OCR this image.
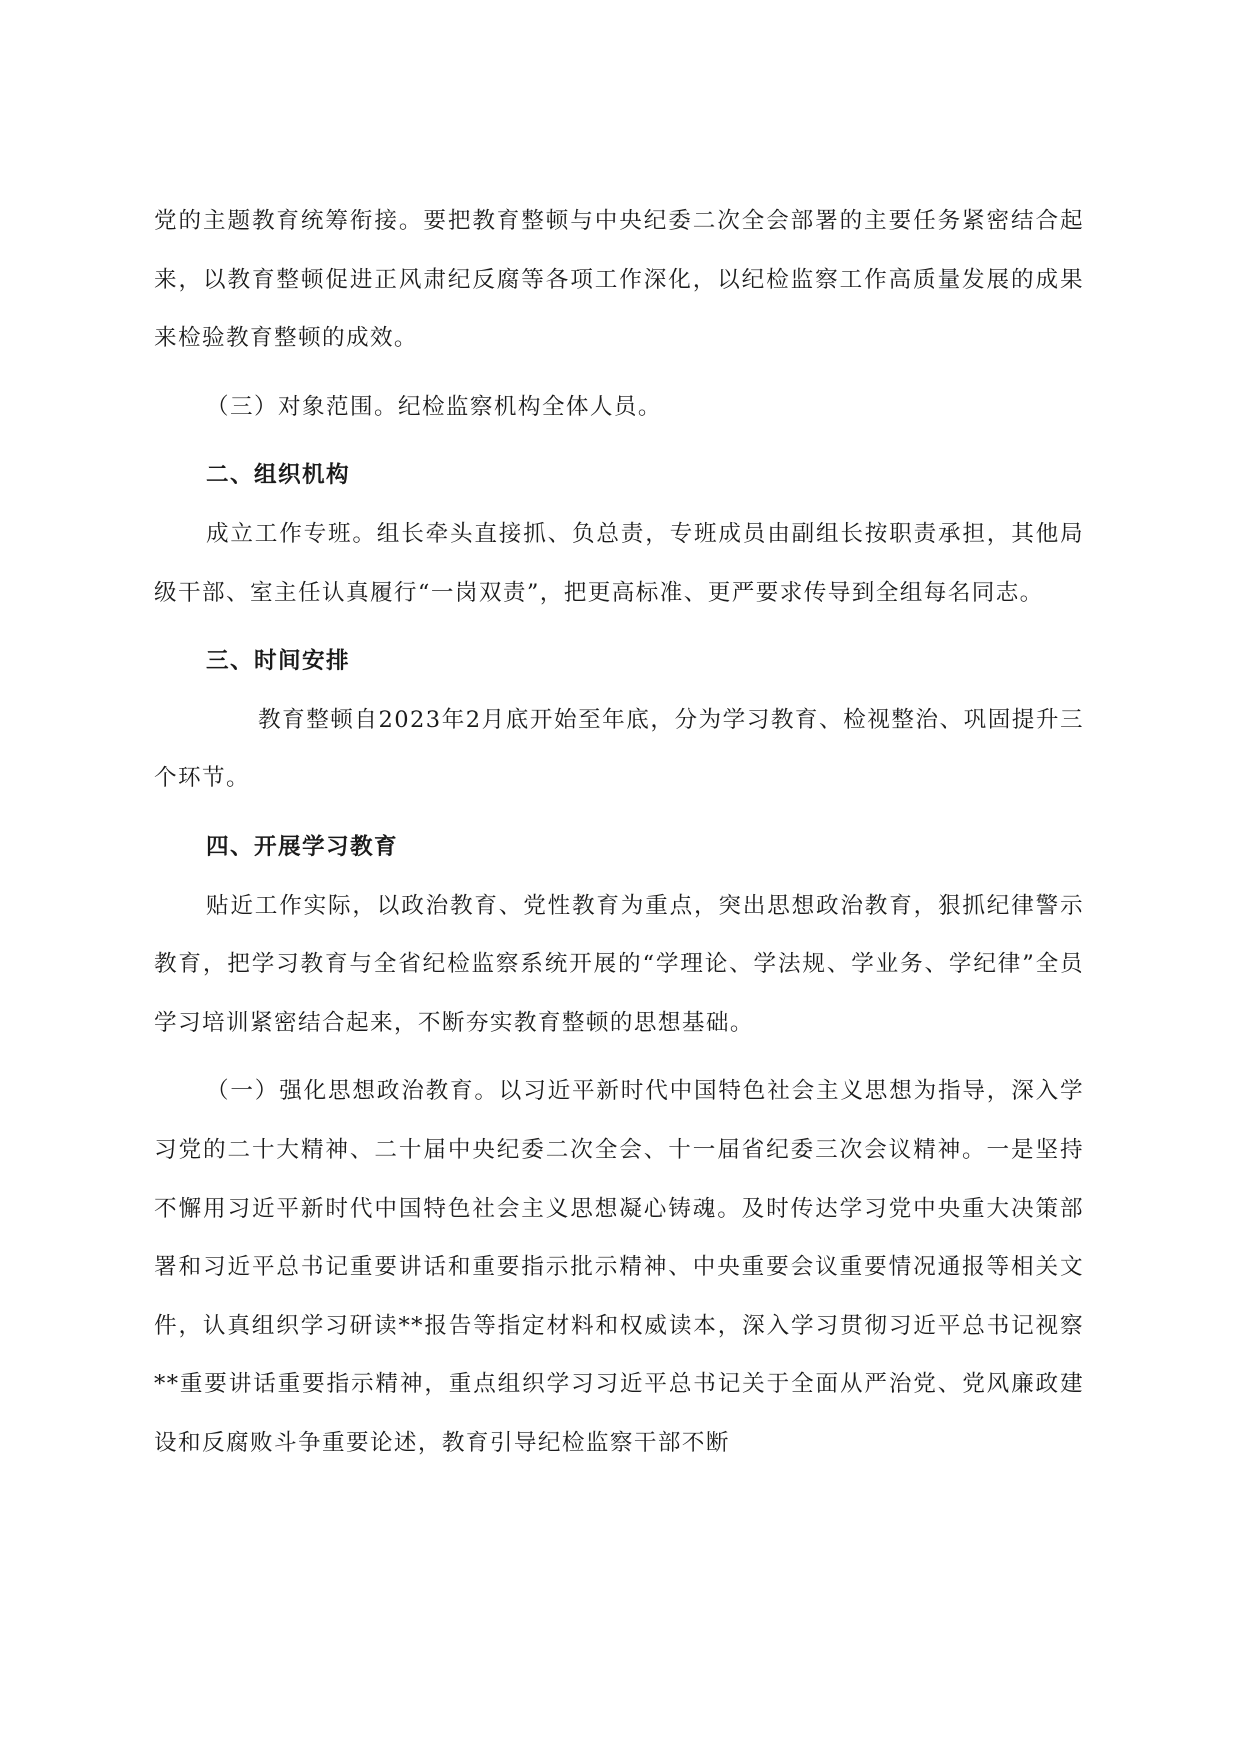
党的主题教育统筹衔接。要把教育整顿与中央纪委二次全会部署的主要任务紧密结合起来，以教育整顿促进正风肃纪反腐等各项工作深化，以纪检监察工作高质量发展的成果来检验教育整顿的成效。

（三）对象范围。纪检监察机构全体人员。

二、组织机构

成立工作专班。组长牵头直接抓、负总责，专班成员由副组长按职责承担，其他局级干部、室主任认真履行“一岗双责”，把更高标准、更严要求传导到全组每名同志。

三、时间安排

教育整顿自2023年2月底开始至年底，分为学习教育、检视整治、巩固提升三个环节。

四、开展学习教育

贴近工作实际，以政治教育、党性教育为重点，突出思想政治教育，狠抓纪律警示教育，把学习教育与全省纪检监察系统开展的“学理论、学法规、学业务、学纪律”全员学习培训紧密结合起来，不断夯实教育整顿的思想基础。

（一）强化思想政治教育。以习近平新时代中国特色社会主义思想为指导，深入学习党的二十大精神、二十届中央纪委二次全会、十一届省纪委三次会议精神。一是坚持不懈用习近平新时代中国特色社会主义思想凝心铸魂。及时传达学习党中央重大决策部署和习近平总书记重要讲话和重要指示批示精神、中央重要会议重要情况通报等相关文件，认真组织学习研读**报告等指定材料和权威读本，深入学习贯彻习近平总书记视察**重要讲话重要指示精神，重点组织学习习近平总书记关于全面从严治党、党风廉政建设和反腐败斗争重要论述，教育引导纪检监察干部不断
